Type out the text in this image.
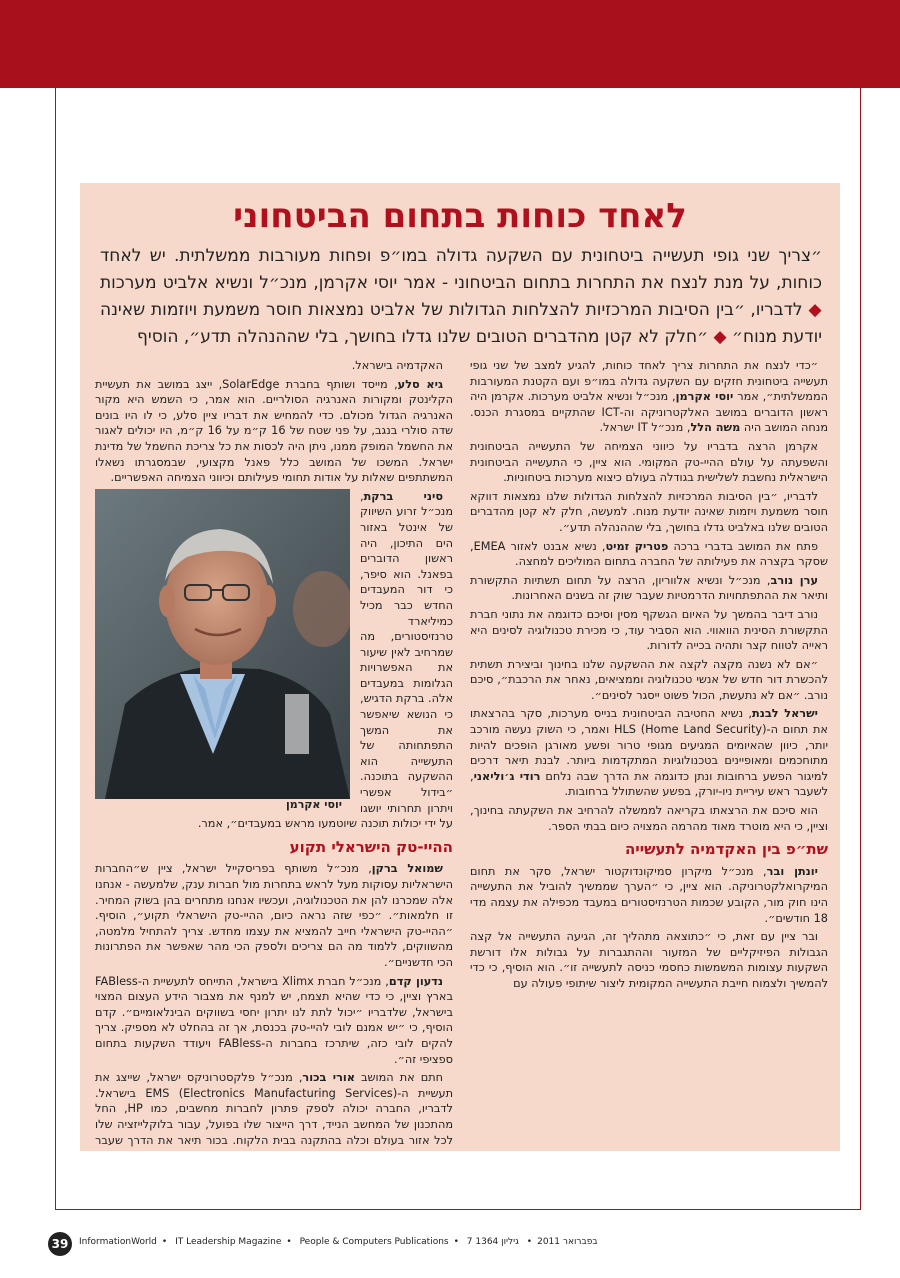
לאחד כוחות בתחום הביטחוני

״צריך שני גופי תעשייה ביטחונית עם השקעה גדולה במו״פ ופחות מעורבות ממשלתית. יש לאחד כוחות, על מנת לנצח את התחרות בתחום הביטחוני - אמר יוסי אקרמן, מנכ״ל ונשיא אלביט מערכות ◆ לדבריו, ״בין הסיבות המרכזיות להצלחות הגדולות של אלביט נמצאות חוסר משמעת ויוזמות שאינה יודעת מנוח״ ◆ ״חלק לא קטן מהדברים הטובים שלנו גדלו בחושך, בלי שההנהלה תדע״, הוסיף

״כדי לנצח את התחרות צריך לאחד כוחות, להגיע למצב של שני גופי תעשייה ביטחונית חזקים עם השקעה גדולה במו״פ ועם הקטנת המעורבות הממשלתית״, אמר יוסי אקרמן, מנכ״ל ונשיא אלביט מערכות. אקרמן היה ראשון הדוברים במושב האלקטרוניקה וה-ICT שהתקיים במסגרת הכנס. מנחה המושב היה משה הלל, מנכ״ל IT ישראל.

אקרמן הרצה בדבריו על כיווני הצמיחה של התעשייה הביטחונית והשפעתה על עולם ההיי-טק המקומי. הוא ציין, כי התעשייה הביטחונית הישראלית נחשבת לשלישית בגודלה בעולם כיצוא מערכות ביטחוניות.

לדבריו, ״בין הסיבות המרכזיות להצלחות הגדולות שלנו נמצאות דווקא חוסר משמעת ויזמות שאינה יודעת מנוח. למעשה, חלק לא קטן מהדברים הטובים שלנו באלביט גדלו בחושך, בלי שההנהלה תדע״.

פתח את המושב בדברי ברכה פטריק זמיט, נשיא אבנט לאזור EMEA, שסקר בקצרה את פעילותה של החברה בתחום המוליכים למחצה.

ערן נורב, מנכ״ל ונשיא אלווריון, הרצה על תחום תשתיות התקשורת ותיאר את ההתפתחויות הדרמטיות שעבר שוק זה בשנים האחרונות.

נורב דיבר בהמשך על האיום הגשקף מסין וסיכם כדוגמה את נתוני חברת התקשורת הסינית הוואווי. הוא הסביר עוד, כי מכירת טכנולוגיה לסינים היא ראייה לטווח קצר ותהיה בכייה לדורות.

״אם לא נשנה מקצה לקצה את ההשקעה שלנו בחינוך וביצירת תשתית להכשרת דור חדש של אנשי טכנולוגיה וממציאים, נאחר את הרכבת״, סיכם נורב. ״אם לא נתעשת, הכול פשוט ייסגר לסינים״.

ישראל לבנת, נשיא החטיבה הביטחונית בנייס מערכות, סקר בהרצאתו את תחום ה-HLS (Home Land Security) ואמר, כי השוק נעשה מורכב יותר, כיוון שהאיומים המגיעים מגופי טרור ופשע מאורגן הופכים להיות מתוחכמים ומאופיינים בטכנולוגיות המתקדמות ביותר. לבנת תיאר דרכים למיגור הפשע ברחובות ונתן כדוגמה את הדרך שבה נלחם רודי ג׳וליאני, לשעבר ראש עיריית ניו-יורק, בפשע שהשתולל ברחובות.

הוא סיכם את הרצאתו בקריאה לממשלה להרחיב את השקעתה בחינוך, וציין, כי היא מוטרד מאוד מהרמה המצויה כיום בבתי הספר.

שת״פ בין האקדמיה לתעשייה

יונתן ובר, מנכ״ל מיקרון סמיקונדוקטור ישראל, סקר את תחום המיקרואלקטרוניקה. הוא ציין, כי ״הערך שממשיך להוביל את התעשייה הינו חוק מור, הקובע שכמות הטרנזיסטורים במעבד מכפילה את עצמה מדי 18 חודשים״.

ובר ציין עם זאת, כי ״כתוצאה מתהליך זה, הגיעה התעשייה אל קצה הגבולות הפיזיקליים של המזעור וההתגברות על גבולות אלו דורשת השקעות עצומות המשמשות כחסמי כניסה לתעשייה זו״. הוא הוסיף, כי כדי להמשיך ולצמוח חייבת התעשייה המקומית ליצור שיתופי פעולה עם

האקדמיה בישראל.

גיא סלע, מייסד ושותף בחברת SolarEdge, ייצג במושב את תעשיית הקלינטק ומקורות האנרגיה הסולריים. הוא אמר, כי השמש היא מקור האנרגיה הגדול מכולם. כדי להמחיש את דבריו ציין סלע, כי לו היו בונים שדה סולרי בנגב, על פני שטח של 16 ק״מ על 16 ק״מ, היו יכולים לאגור את החשמל המופק ממנו, ניתן היה לכסות את כל צריכת החשמל של מדינת ישראל. המשכו של המושב כלל פאנל מקצועי, שבמסגרתו נשאלו המשתתפים שאלות על אודות תחומי פעילותם וכיווני הצמיחה האפשריים.

יוסי אקרמן

סיני ברקת, מנכ״ל זרוע השיווק של אינטל באזור הים התיכון, היה ראשון הדוברים בפאנל. הוא סיפר, כי דור המעבדים החדש כבר מכיל כמיליארד טרנזיסטורים, מה שמרחיב לאין שיעור את האפשרויות הגלומות במעבדים אלה. ברקת הדגיש, כי הנושא שיאפשר את המשך התפתחותה של התעשייה הוא ההשקעה בתוכנה. ״בידול אפשרי ויתרון תחרותי יושגו על ידי יכולות תוכנה שיוטמעו מראש במעבדים״, אמר.

ההיי-טק הישראלי תקוע

שמואל ברקן, מנכ״ל משותף בפריסקייל ישראל, ציין ש״החברות הישראליות עסוקות מעל לראש בתחרות מול חברות ענק, שלמעשה - אנחנו אלה שמכרנו להן את הטכנולוגיה, ועכשיו אנחנו מתחרים בהן בשוק המחיר. זו חלמאות״. ״כפי שזה נראה כיום, ההיי-טק הישראלי תקוע״, הוסיף. ״ההיי-טק הישראלי חייב להמציא את עצמו מחדש. צריך להתחיל מלמטה, מהשווקים, ללמוד מה הם צריכים ולספק הכי מהר שאפשר את הפתרונות הכי חדשניים״.

נדעון קדם, מנכ״ל חברת Xlimx בישראל, התייחס לתעשיית ה-FABless בארץ וציין, כי כדי שהיא תצמח, יש למנף את מצבור הידע העצום המצוי בישראל, שלדבריו ״יכול לתת לנו יתרון יחסי בשווקים הבינלאומיים״. קדם הוסיף, כי ״יש אמנם לובי להיי-טק בכנסת, אך זה בהחלט לא מספיק. צריך להקים לובי כזה, שיתרכז בחברות ה-FABless ויעודד השקעות בתחום ספציפי זה״.

חתם את המושב אורי בכור, מנכ״ל פלקסטרוניקס ישראל, שייצג את תעשיית ה-EMS (Electronics Manufacturing Services) בישראל. לדבריו, החברה יכולה לספק פתרון לחברות מחשבים, כמו HP, החל מהתכנון של המחשב הנייד, דרך הייצור שלו בפועל, עבור בלוקלייזציה שלו לכל אזור בעולם וכלה בהתקנה בבית הלקוח. בכור תיאר את הדרך שעבר

39	InformationWorld • IT Leadership Magazine • People & Computers Publications • 7 בפברואר 2011• גיליון 1364
